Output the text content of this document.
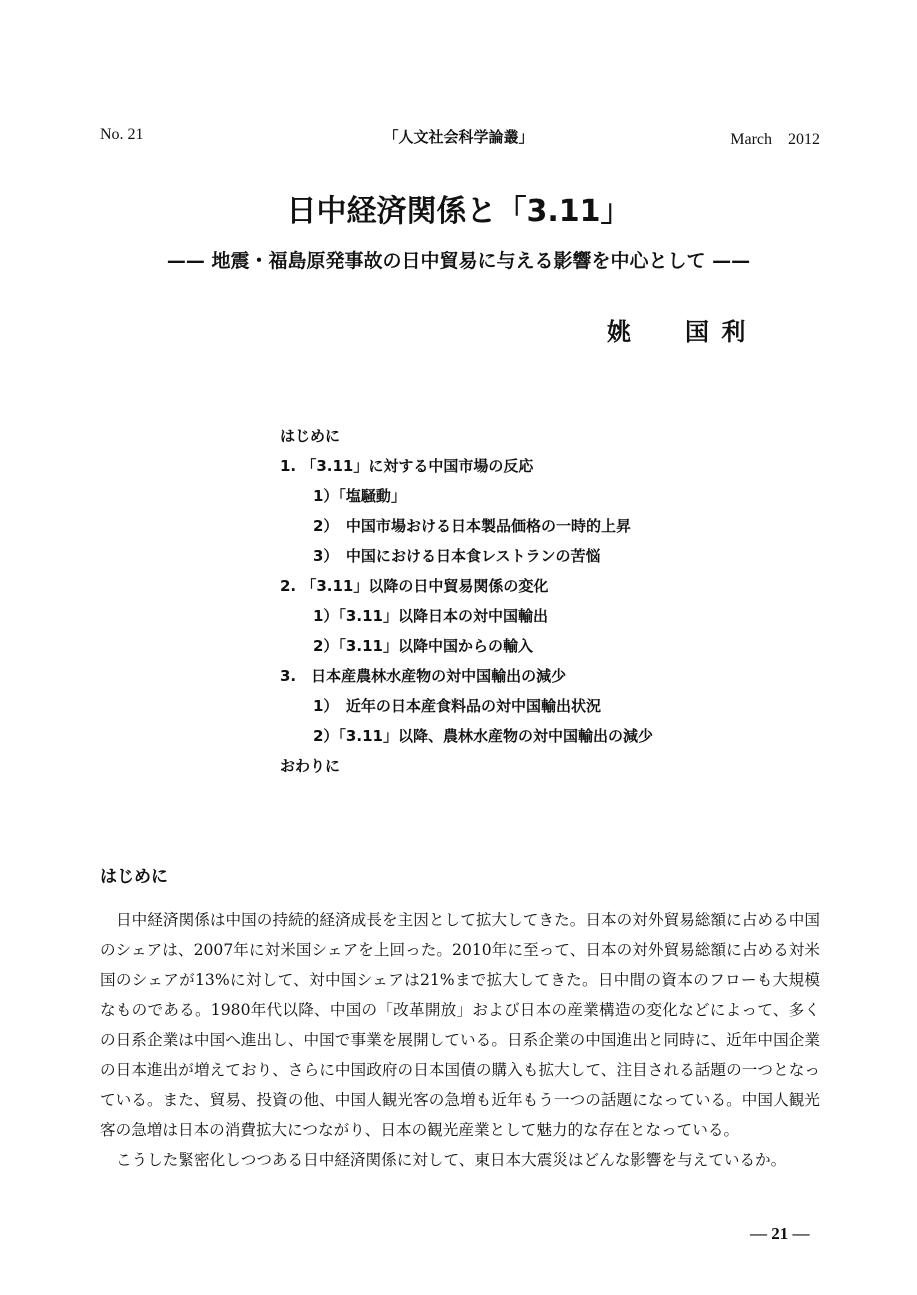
No. 21	「人文社会科学論叢」	March　2012
日中経済関係と「3.11」
—— 地震・福島原発事故の日中貿易に与える影響を中心として ——
姚　　国 利
はじめに
1. 「3.11」に対する中国市場の反応
1）「塩騒動」
2）　中国市場おける日本製品価格の一時的上昇
3）　中国における日本食レストランの苦悩
2. 「3.11」以降の日中貿易関係の変化
1）「3.11」以降日本の対中国輸出
2）「3.11」以降中国からの輸入
3.　日本産農林水産物の対中国輸出の減少
1）　近年の日本産食料品の対中国輸出状況
2）「3.11」以降、農林水産物の対中国輸出の減少
おわりに
はじめに

日中経済関係は中国の持続的経済成長を主因として拡大してきた。日本の対外貿易総額に占める中国のシェアは、2007年に対米国シェアを上回った。2010年に至って、日本の対外貿易総額に占める対米国のシェアが13%に対して、対中国シェアは21%まで拡大してきた。日中間の資本のフローも大規模なものである。1980年代以降、中国の「改革開放」および日本の産業構造の変化などによって、多くの日系企業は中国へ進出し、中国で事業を展開している。日系企業の中国進出と同時に、近年中国企業の日本進出が増えており、さらに中国政府の日本国債の購入も拡大して、注目される話題の一つとなっている。また、貿易、投資の他、中国人観光客の急増も近年もう一つの話題になっている。中国人観光客の急増は日本の消費拡大につながり、日本の観光産業として魅力的な存在となっている。

こうした緊密化しつつある日中経済関係に対して、東日本大震災はどんな影響を与えているか。

— 21 —
